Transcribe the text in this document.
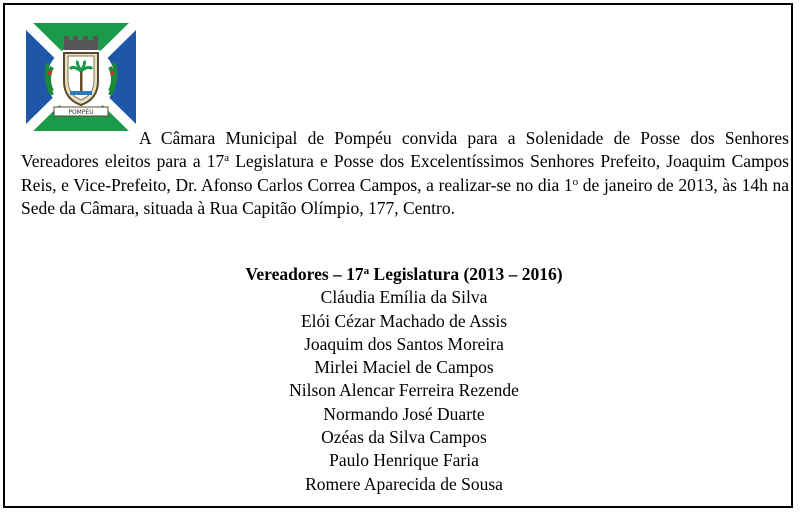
POMPÉU

A Câmara Municipal de Pompéu convida para a Solenidade de Posse dos Senhores Vereadores eleitos para a 17$^a$ Legislatura e Posse dos Excelentíssimos Senhores Prefeito, Joaquim Campos Reis, e Vice-Prefeito, Dr. Afonso Carlos Correa Campos, a realizar-se no dia 1$^o$ de janeiro de 2013, às 14h na Sede da Câmara, situada à Rua Capitão Olímpio, 177, Centro.

Vereadores – 17$^a$ Legislatura (2013 – 2016)
Cláudia Emília da Silva
Elói Cézar Machado de Assis
Joaquim dos Santos Moreira
Mirlei Maciel de Campos
Nilson Alencar Ferreira Rezende
Normando José Duarte
Ozéas da Silva Campos
Paulo Henrique Faria
Romere Aparecida de Sousa
